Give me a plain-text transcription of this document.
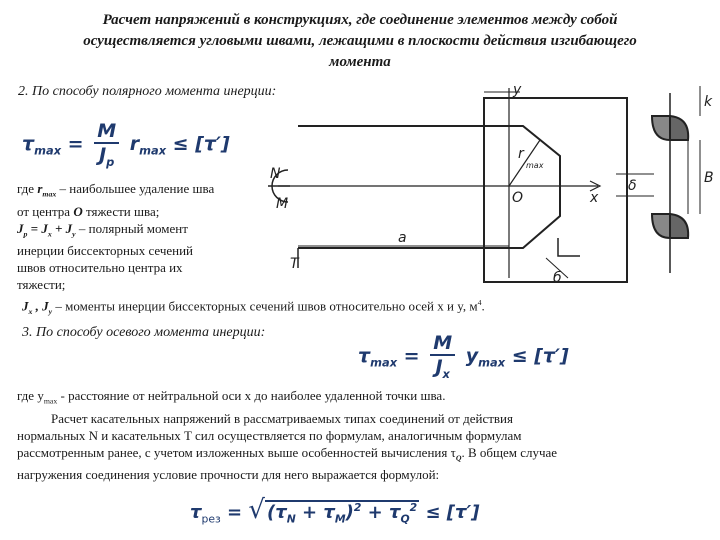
Расчет напряжений в конструкциях, где соединение элементов между собой
осуществляется угловыми швами, лежащими в плоскости действия изгибающего
момента
2. По способу полярного момента инерции:
$\tau_{max} = \frac{M}{J_p} r_{max} \le [\tau']$
где $r_{max}$ – наибольшее удаление шва
от центра O тяжести шва;
$J_p = J_x + J_y$ – полярный момент
инерции биссекторных сечений
швов относительно центра их
тяжести;
$J_x$ , $J_y$ – моменты инерции биссекторных сечений швов относительно осей x и y, $м^4$.
y
N
M	O	x
T
a
б
r
max
k
δ	B
3. По способу осевого момента инерции:
$\tau_{max} = \frac{M}{J_x} y_{max} \le [\tau']$
где $y_{max}$ - расстояние от нейтральной оси x до наиболее удаленной точки шва.
Расчет касательных напряжений в рассматриваемых типах соединений от действия
нормальных N и касательных T сил осуществляется по формулам, аналогичным формулам
рассмотренным ранее, с учетом изложенных выше особенностей вычисления $\tau_Q$. В общем случае
нагружения соединения условие прочности для него выражается формулой:
$\tau_{рез}$ = √ $(\tau_N + \tau_M)^2 + \tau_Q^2 \le [\tau']$
